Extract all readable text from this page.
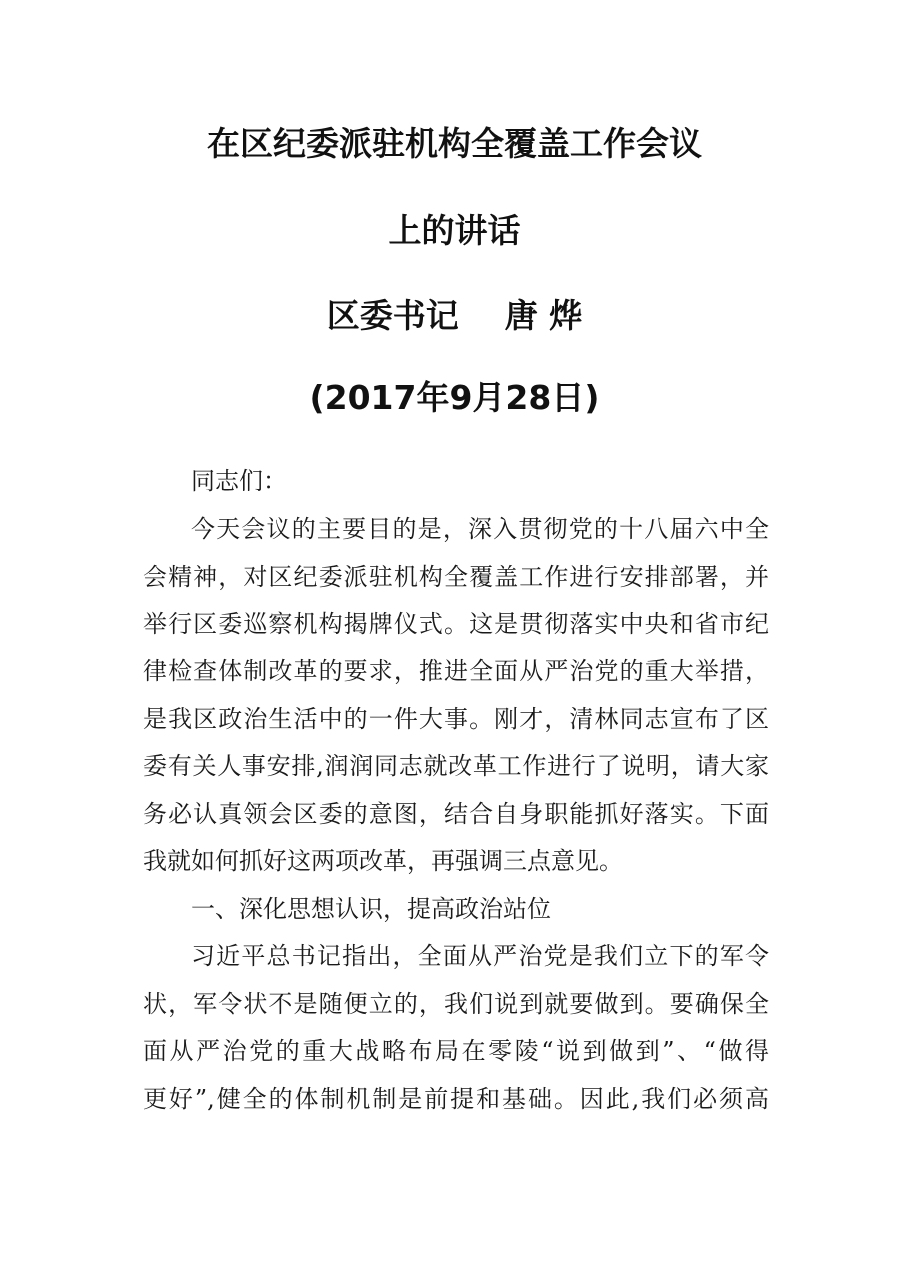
在区纪委派驻机构全覆盖工作会议
上的讲话
区委书记    唐 烨
(2017年9月28日)
同志们：
今天会议的主要目的是，深入贯彻党的十八届六中全
会精神，对区纪委派驻机构全覆盖工作进行安排部署，并
举行区委巡察机构揭牌仪式。这是贯彻落实中央和省市纪
律检查体制改革的要求，推进全面从严治党的重大举措，
是我区政治生活中的一件大事。刚才，清林同志宣布了区
委有关人事安排,润润同志就改革工作进行了说明，请大家
务必认真领会区委的意图，结合自身职能抓好落实。下面
我就如何抓好这两项改革，再强调三点意见。
一、深化思想认识，提高政治站位
习近平总书记指出，全面从严治党是我们立下的军令
状，军令状不是随便立的，我们说到就要做到。要确保全
面从严治党的重大战略布局在零陵“说到做到”、“做得
更好”,健全的体制机制是前提和基础。因此,我们必须高
